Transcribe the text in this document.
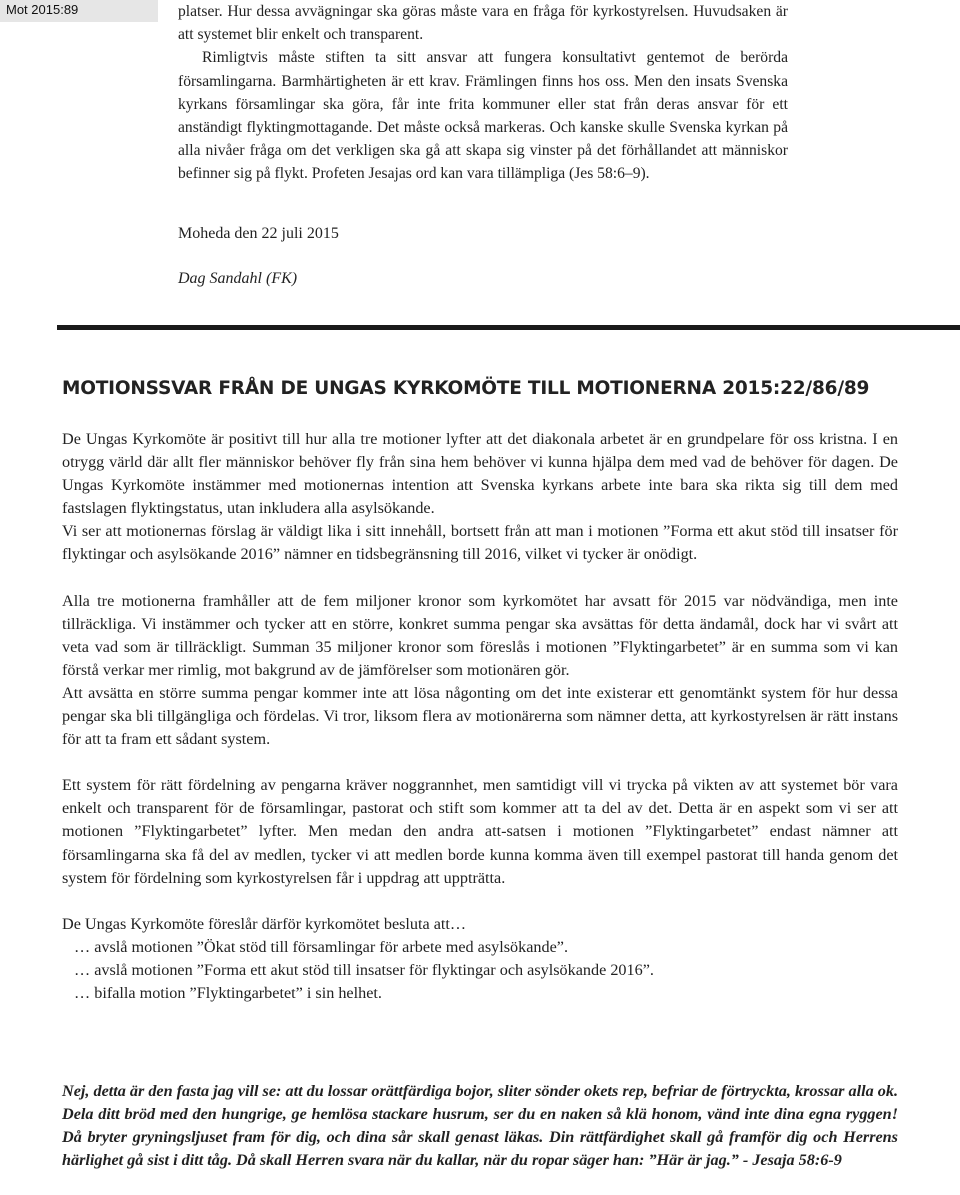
Mot 2015:89	platser. Hur dessa avvägningar ska göras måste vara en fråga för kyrkostyrelsen. Huvudsaken är att systemet blir enkelt och transparent.

Rimligtvis måste stiften ta sitt ansvar att fungera konsultativt gentemot de berörda församlingarna. Barmhärtigheten är ett krav. Främlingen finns hos oss. Men den insats Svenska kyrkans församlingar ska göra, får inte frita kommuner eller stat från deras ansvar för ett anständigt flyktingmottagande. Det måste också markeras. Och kanske skulle Svenska kyrkan på alla nivåer fråga om det verkligen ska gå att skapa sig vinster på det förhållandet att människor befinner sig på flykt. Profeten Jesajas ord kan vara tillämpliga (Jes 58:6–9).

Moheda den 22 juli 2015
Dag Sandahl (FK)
MOTIONSSVAR FRÅN DE UNGAS KYRKOMÖTE TILL MOTIONERNA 2015:22/86/89

De Ungas Kyrkomöte är positivt till hur alla tre motioner lyfter att det diakonala arbetet är en grundpelare för oss kristna. I en otrygg värld där allt fler människor behöver fly från sina hem behöver vi kunna hjälpa dem med vad de behöver för dagen. De Ungas Kyrkomöte instämmer med motionernas intention att Svenska kyrkans arbete inte bara ska rikta sig till dem med fastslagen flyktingstatus, utan inkludera alla asylsökande.

Vi ser att motionernas förslag är väldigt lika i sitt innehåll, bortsett från att man i motionen ”Forma ett akut stöd till insatser för flyktingar och asylsökande 2016” nämner en tidsbegränsning till 2016, vilket vi tycker är onödigt.

Alla tre motionerna framhåller att de fem miljoner kronor som kyrkomötet har avsatt för 2015 var nödvändiga, men inte tillräckliga. Vi instämmer och tycker att en större, konkret summa pengar ska avsättas för detta ändamål, dock har vi svårt att veta vad som är tillräckligt. Summan 35 miljoner kronor som föreslås i motionen ”Flyktingarbetet” är en summa som vi kan förstå verkar mer rimlig, mot bakgrund av de jämförelser som motionären gör.

Att avsätta en större summa pengar kommer inte att lösa någonting om det inte existerar ett genomtänkt system för hur dessa pengar ska bli tillgängliga och fördelas. Vi tror, liksom flera av motionärerna som nämner detta, att kyrkostyrelsen är rätt instans för att ta fram ett sådant system.

Ett system för rätt fördelning av pengarna kräver noggrannhet, men samtidigt vill vi trycka på vikten av att systemet bör vara enkelt och transparent för de församlingar, pastorat och stift som kommer att ta del av det. Detta är en aspekt som vi ser att motionen ”Flyktingarbetet” lyfter. Men medan den andra att-satsen i motionen ”Flyktingarbetet” endast nämner att församlingarna ska få del av medlen, tycker vi att medlen borde kunna komma även till exempel pastorat till handa genom det system för fördelning som kyrkostyrelsen får i uppdrag att uppträtta.

De Ungas Kyrkomöte föreslår därför kyrkomötet besluta att…

… avslå motionen ”Ökat stöd till församlingar för arbete med asylsökande”.

… avslå motionen ”Forma ett akut stöd till insatser för flyktingar och asylsökande 2016”.

… bifalla motion ”Flyktingarbetet” i sin helhet.

Nej, detta är den fasta jag vill se: att du lossar orättfärdiga bojor, sliter sönder okets rep, befriar de förtryckta, krossar alla ok. Dela ditt bröd med den hungrige, ge hemlösa stackare husrum, ser du en naken så klä honom, vänd inte dina egna ryggen! Då bryter gryningsljuset fram för dig, och dina sår skall genast läkas. Din rättfärdighet skall gå framför dig och Herrens härlighet gå sist i ditt tåg. Då skall Herren svara när du kallar, när du ropar säger han: ”Här är jag.” - Jesaja 58:6-9
